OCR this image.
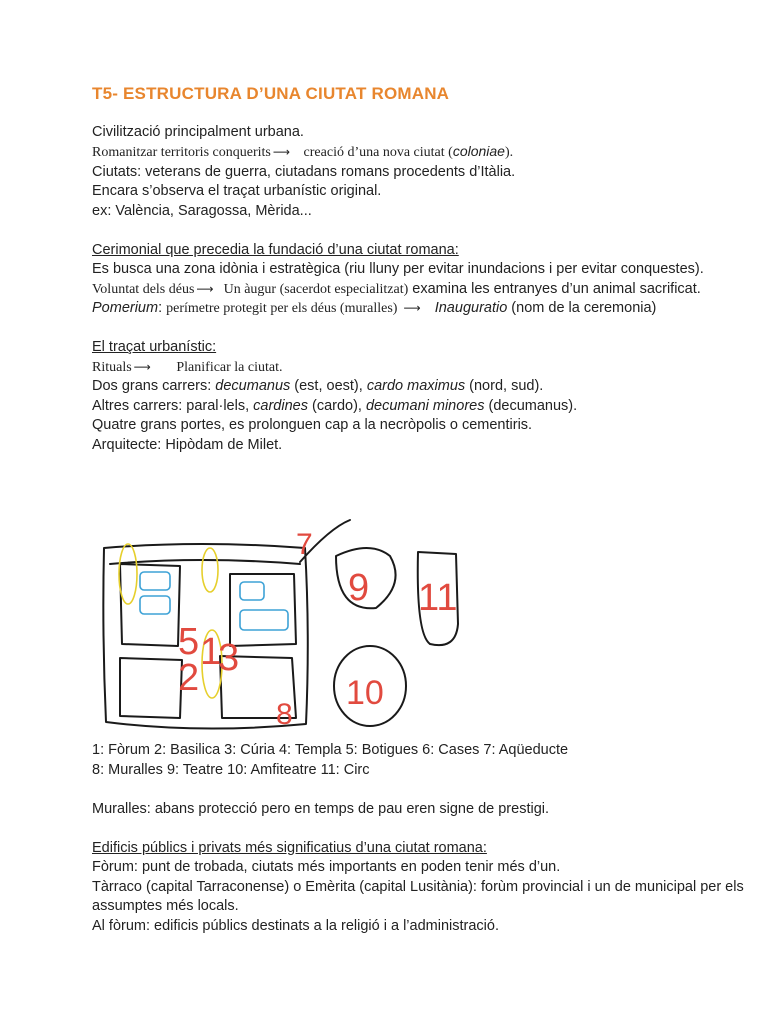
T5- ESTRUCTURA D’UNA CIUTAT ROMANA
Civilització principalment urbana.
Romanitzar territoris conquerits ⟶ creació d’una nova ciutat (coloniae).
Ciutats: veterans de guerra, ciutadans romans procedents d’Itàlia.
Encara s’observa el traçat urbanístic original.
ex: València, Saragossa, Mèrida...
Cerimonial que precedia la fundació d’una ciutat romana:
Es busca una zona idònia i estratègica (riu lluny per evitar inundacions i per evitar conquestes).
Voluntat dels déus ⟶ Un àugur (sacerdot especialitzat) examina les entranyes d’un animal sacrificat.
Pomerium: perímetre protegit per els déus (muralles) ⟶ Inauguratio (nom de la ceremonia)
El traçat urbanístic:
Rituals ⟶ Planificar la ciutat.
Dos grans carrers: decumanus (est, oest), cardo maximus (nord, sud).
Altres carrers: paral·lels, cardines (cardo), decumani minores (decumanus).
Quatre grans portes, es prolonguen cap a la necròpolis o cementiris.
Arquitecte: Hipòdam de Milet.
5 1
3
2
8
7
9 11
10
1: Fòrum 2: Basilica 3: Cúria 4: Templa 5: Botigues 6: Cases 7: Aqüeducte
8: Muralles 9: Teatre 10: Amfiteatre 11: Circ
Muralles: abans protecció pero en temps de pau eren signe de prestigi.
Edificis públics i privats més significatius d’una ciutat romana:
Fòrum: punt de trobada, ciutats més importants en poden tenir més d’un.
Tàrraco (capital Tarraconense) o Emèrita (capital Lusitània): forùm provincial i un de municipal per els assumptes més locals.
Al fòrum: edificis públics destinats a la religió i a l’administració.
